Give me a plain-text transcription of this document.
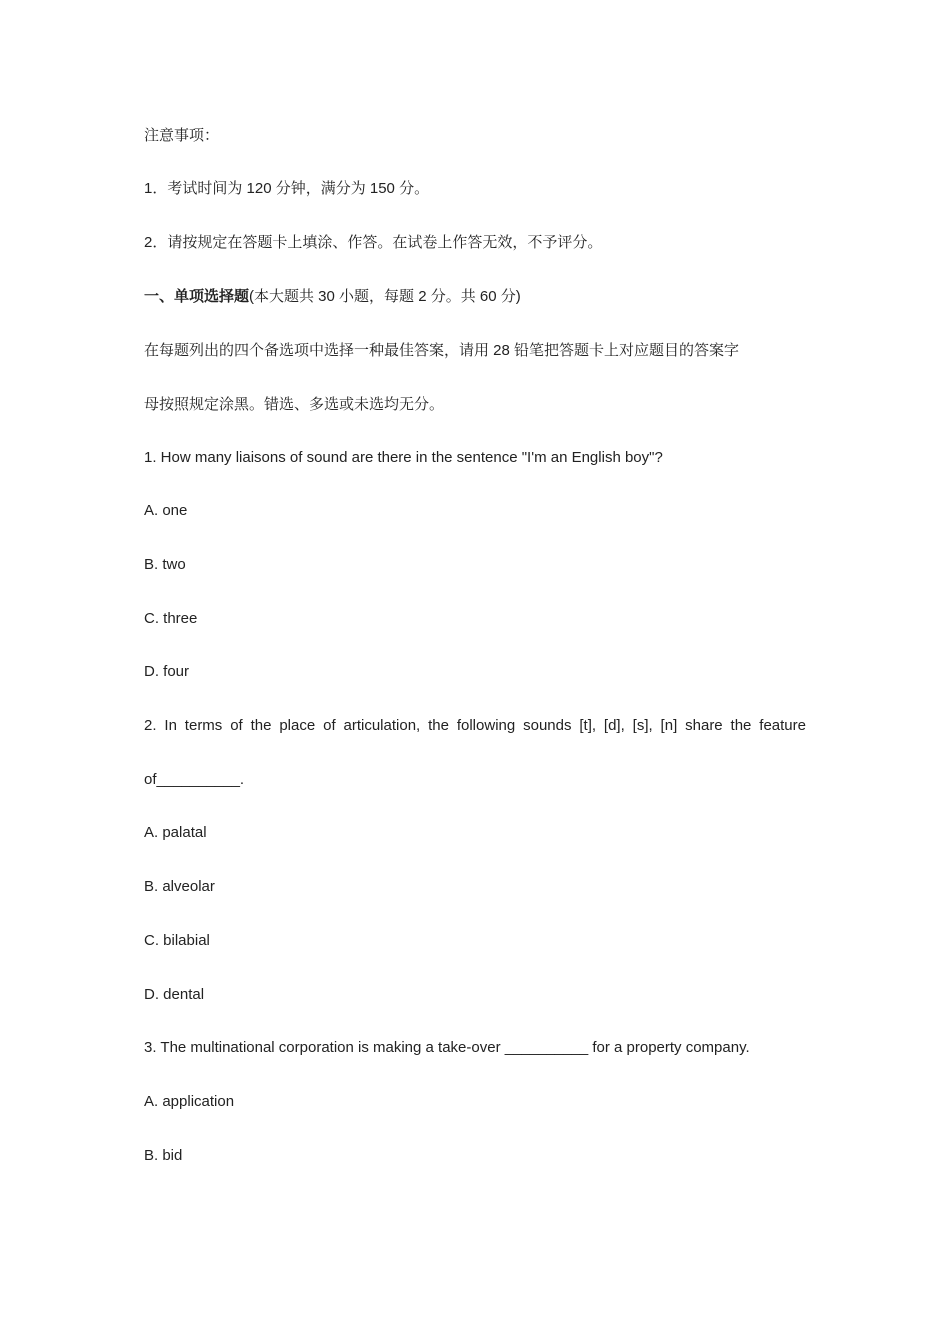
注意事项：
1．考试时间为 120 分钟，满分为 150 分。
2．请按规定在答题卡上填涂、作答。在试卷上作答无效，不予评分。
一、单项选择题(本大题共 30 小题，每题 2 分。共 60 分)
在每题列出的四个备选项中选择一种最佳答案，请用 28 铅笔把答题卡上对应题目的答案字
母按照规定涂黑。错选、多选或未选均无分。
1. How many liaisons of sound are there in the sentence "I'm an English boy"?
A. one
B. two
C. three
D. four
2. In terms of the place of articulation, the following sounds [t], [d], [s], [n] share the feature
of__________.
A. palatal
B. alveolar
C. bilabial
D. dental
3. The multinational corporation is making a take-over __________ for a property company.
A. application
B. bid
